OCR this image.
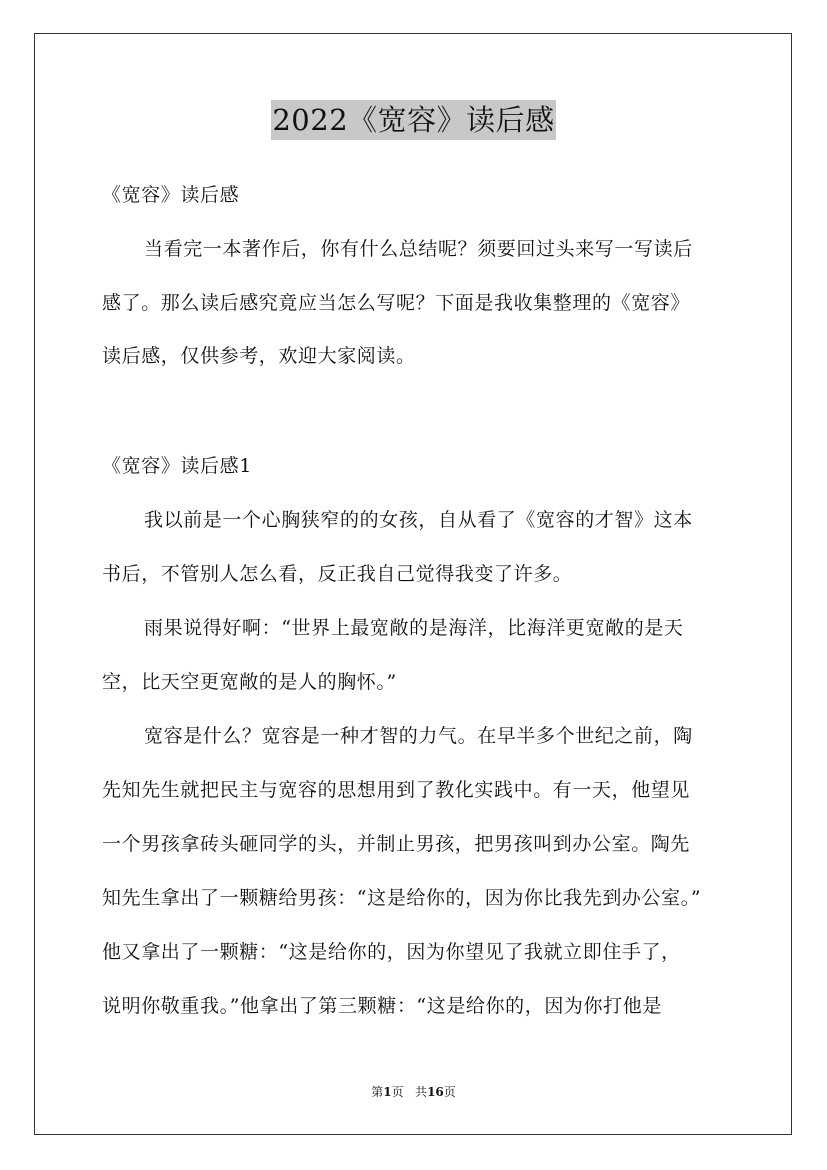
2022《宽容》读后感
《宽容》读后感
当看完一本著作后，你有什么总结呢？须要回过头来写一写读后
感了。那么读后感究竟应当怎么写呢？下面是我收集整理的《宽容》
读后感，仅供参考，欢迎大家阅读。
《宽容》读后感1
我以前是一个心胸狭窄的的女孩，自从看了《宽容的才智》这本
书后，不管别人怎么看，反正我自己觉得我变了许多。
雨果说得好啊：“世界上最宽敞的是海洋，比海洋更宽敞的是天
空，比天空更宽敞的是人的胸怀。”
宽容是什么？宽容是一种才智的力气。在早半多个世纪之前，陶
先知先生就把民主与宽容的思想用到了教化实践中。有一天，他望见
一个男孩拿砖头砸同学的头，并制止男孩，把男孩叫到办公室。陶先
知先生拿出了一颗糖给男孩：“这是给你的，因为你比我先到办公室。”
他又拿出了一颗糖：“这是给你的，因为你望见了我就立即住手了，
说明你敬重我。”他拿出了第三颗糖：“这是给你的，因为你打他是
第1页 共16页
